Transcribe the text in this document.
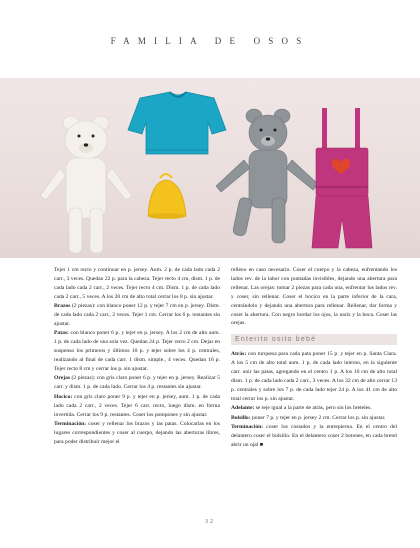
FAMILIA DE OSOS

Tejer 1 cm recto y continuar en p. jersey. Aum. 2 p. de cada lado cada 2 carr., 3 veces. Quedan 22 p. para la cabeza. Tejer recto 4 cm, dism. 1 p. de cada lado cada 2 carr., 2 veces. Tejer recto 4 cm. Dism. 1 p. de cada lado cada 2 carr., 5 veces. A los 20 cm de alto total cerrar los 8 p. sin ajustar.

Brazos (2 piezas): con blanco poner 12 p. y tejer 7 cm en p. jersey. Dism. de cada lado cada 2 carr., 2 veces. Tejer 1 cm. Cerrar los 6 p. restantes sin ajustar.

Patas: con blanco poner 6 p. y tejer en p. jersey. A los 2 cm de alto aum. 1 p. de cada lado de una sola vez. Quedan 24 p. Tejer recto 2 cm. Dejar en suspenso los primeros y últimos 10 p. y tejer sobre los 4 p. centrales, realizando al final de cada carr. 1 dism. simple., 4 veces. Quedan 16 p. Tejer recto 8 cm y cerrar los p. sin ajustar.

Orejas (2 piezas): con gris claro poner 6 p. y tejer en p. jersey. Realizar 5 carr. y dism. 1 p. de cada lado. Cerrar los 4 p. restantes sin ajustar.

Hocico: con gris claro poner 9 p. y tejer en p. jersey, aum. 1 p. de cada lado cada 2 carr., 2 veces. Tejer 6 carr. recto, luego dism. en forma invertida. Cerrar los 9 p. restantes. Coser los pompones y sin ajustar.

Terminación: coser y rellenar los brazos y las patas. Colocarlas en los lugares correspondientes y coser al cuerpo, dejando las aberturas libres, para poder distribuir mejor el

relleno en caso necesario. Coser el cuerpo y la cabeza, enfrentando los lados rev. de la labor con puntadas invisibles, dejando una abertura para rellenar. Las orejas: tomar 2 piezas para cada una, enfrentar los lados rev. y coser, sin rellenar. Coser el hocico en la parte inferior de la cara, centrándolo y dejando una abertura para rellenar. Rellenar, dar forma y coser la abertura. Con negro bordar los ojos, la nariz y la boca. Coser las orejas.

Enterito osito bebé

Atrás: con turquesa para cada pata poner 15 p. y tejer en p. Santa Clara. A los 5 cm de alto total aum. 1 p. de cada lado interno, en la siguiente carr. unir las patas, agregando en el centro 1 p. A los 10 cm de alto total dism. 1 p. de cada lado cada 2 carr., 3 veces. A los 32 cm de alto cerrar 13 p. centrales y sobre los 7 p. de cada lado tejer 24 p. A los 41 cm de alto total cerrar los p. sin ajustar.

Adelante: se teje igual a la parte de atrás, pero sin los breteles.

Bolsillo: poner 7 p. y tejer en p. jersey 2 cm. Cerrar los p. sin ajustar.

Terminación: coser los costados y la entrepierna. En el centro del delantero coser el bolsillo. En el delantero coser 2 botones, en cada bretel abrir un ojal ■

32
